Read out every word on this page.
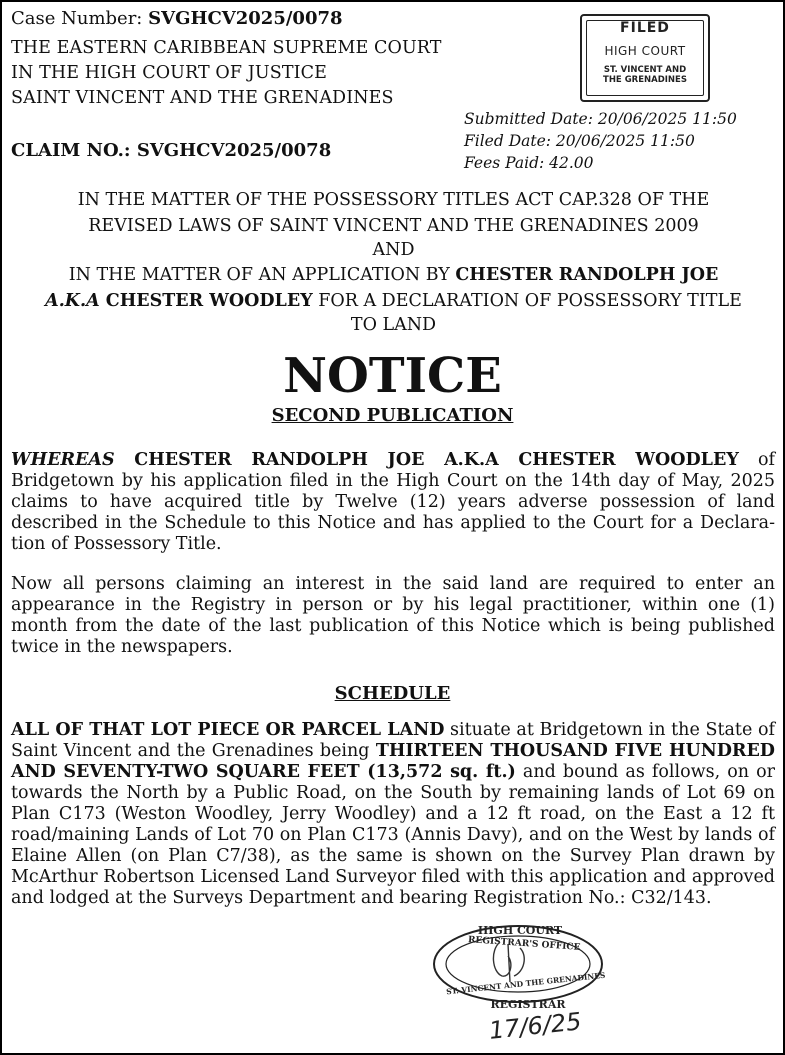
Case Number: SVGHCV2025/0078
THE EASTERN CARIBBEAN SUPREME COURT
IN THE HIGH COURT OF JUSTICE
SAINT VINCENT AND THE GRENADINES
CLAIM NO.: SVGHCV2025/0078
FILED
HIGH COURT
ST. VINCENT AND
THE GRENADINES
Submitted Date: 20/06/2025 11:50
Filed Date: 20/06/2025 11:50
Fees Paid: 42.00
IN THE MATTER OF THE POSSESSORY TITLES ACT CAP.328 OF THE
REVISED LAWS OF SAINT VINCENT AND THE GRENADINES 2009
AND
IN THE MATTER OF AN APPLICATION BY CHESTER RANDOLPH JOE
A.K.A CHESTER WOODLEY FOR A DECLARATION OF POSSESSORY TITLE
TO LAND
NOTICE
SECOND PUBLICATION
WHEREAS CHESTER RANDOLPH JOE A.K.A CHESTER WOODLEY of Bridgetown by his application filed in the High Court on the 14th day of May, 2025 claims to have acquired title by Twelve (12) years adverse possession of land described in the Schedule to this Notice and has applied to the Court for a Declara-tion of Possessory Title.
Now all persons claiming an interest in the said land are required to enter an appearance in the Registry in person or by his legal practitioner, within one (1) month from the date of the last publication of this Notice which is being published twice in the newspapers.
SCHEDULE
ALL OF THAT LOT PIECE OR PARCEL LAND situate at Bridgetown in the State of Saint Vincent and the Grenadines being THIRTEEN THOUSAND FIVE HUNDRED AND SEVENTY-TWO SQUARE FEET (13,572 sq. ft.) and bound as follows, on or towards the North by a Public Road, on the South by remaining lands of Lot 69 on Plan C173 (Weston Woodley, Jerry Woodley) and a 12 ft road, on the East a 12 ft road/maining Lands of Lot 70 on Plan C173 (Annis Davy), and on the West by lands of Elaine Allen (on Plan C7/38), as the same is shown on the Survey Plan drawn by McArthur Robertson Licensed Land Surveyor filed with this application and approved and lodged at the Surveys Department and bearing Registration No.: C32/143.
HIGH COURT
REGISTRAR'S OFFICE
ST. VINCENT AND THE GRENADINES
REGISTRAR
17/6/25
